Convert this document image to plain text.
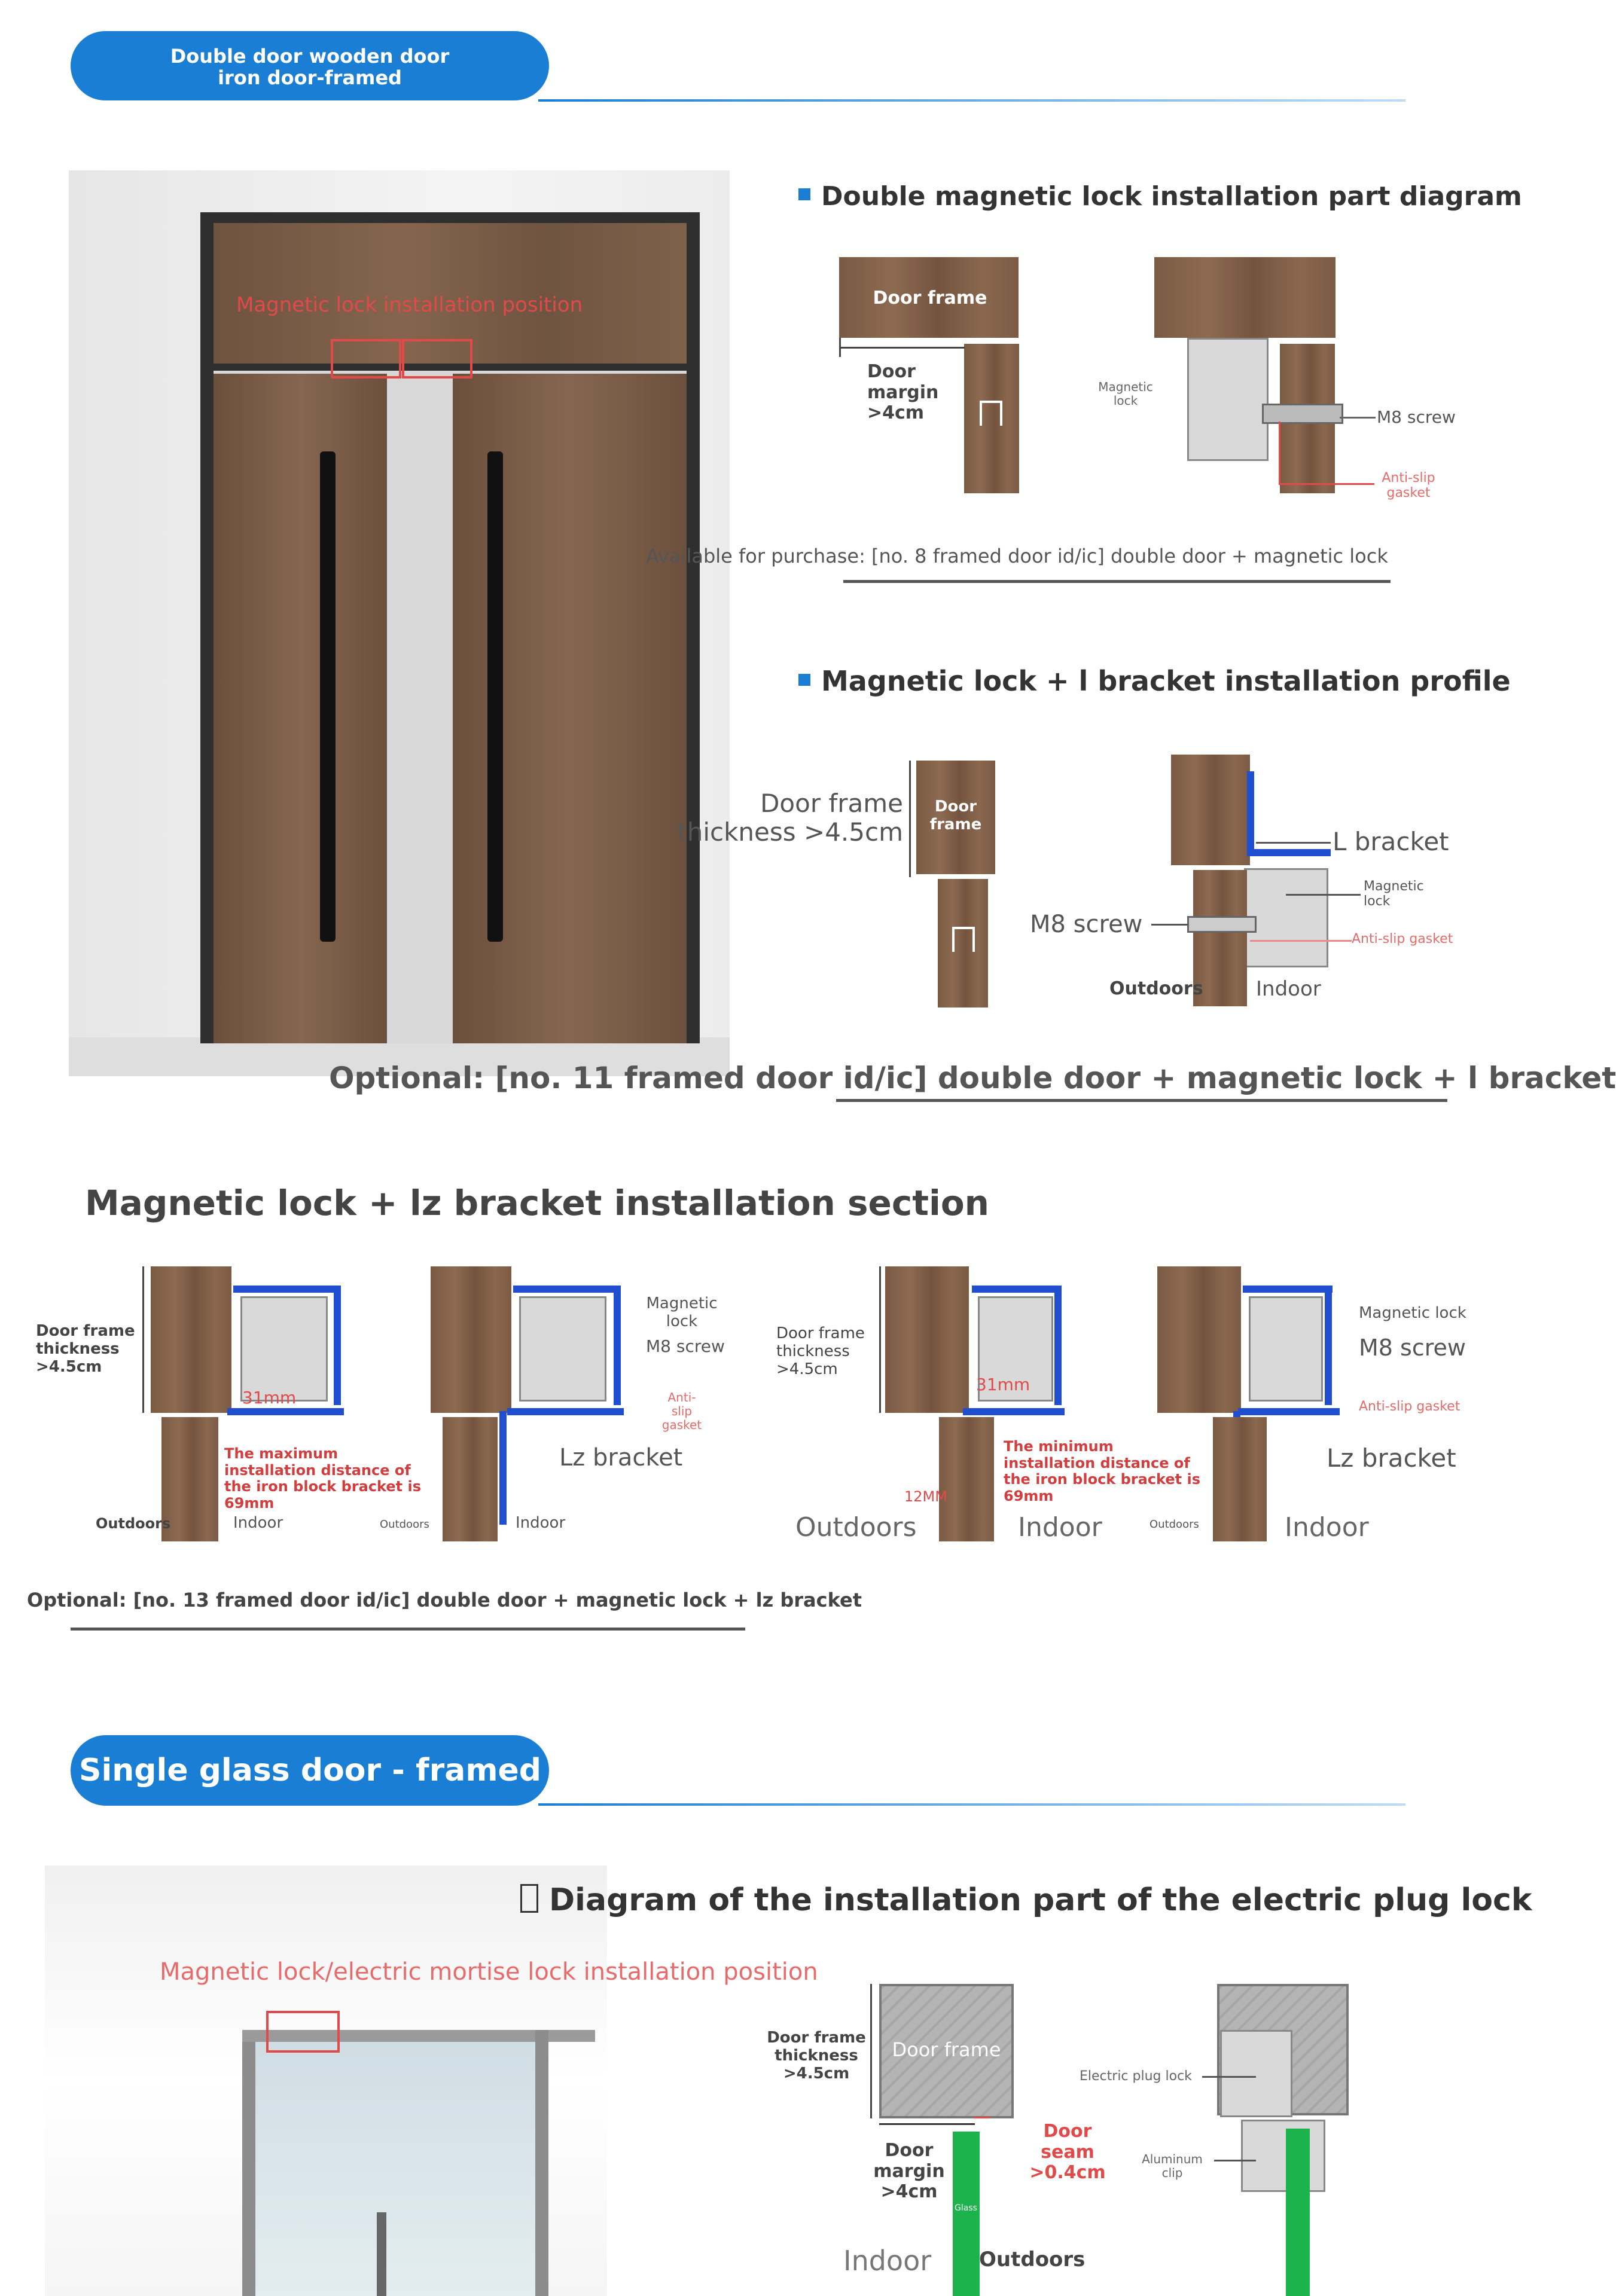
Double door wooden door iron door-framed
Magnetic lock installation position
Double magnetic lock installation part diagram
Door frame
Door margin >4cm	M8 screw
Magnetic lock
Anti-slip gasket
Available for purchase: [no. 8 framed door id/ic] double door + magnetic lock
Magnetic lock + l bracket installation profile
Door frame thickness >4.5cm
Door frame
L bracket
M8 screw
Magnetic lock
Anti-slip gasket
Outdoors	Indoor
Optional: [no. 11 framed door id/ic] double door + magnetic lock + l bracket
Magnetic lock + lz bracket installation section
Door frame thickness >4.5cm
31mm
The maximum installation distance of the iron block bracket is 69mm
Outdoors	Indoor
Magnetic lock
M8 screw
Anti-slip gasket
Lz bracket
Outdoors	Indoor
Door frame thickness >4.5cm
31mm
The minimum installation distance of the iron block bracket is 69mm
12MM
Outdoors	Indoor
Magnetic lock
M8 screw
Anti-slip gasket
Lz bracket
Outdoors	Indoor
Optional: [no. 13 framed door id/ic] double door + magnetic lock + lz bracket
Single glass door - framed on
Magnetic lock/electric mortise lock installation position
Diagram of the installation part of the electric plug lock
Door frame thickness >4.5cm
Door frame
Glass
Door seam >0.4cm
Door margin >4cm
Indoor Outdoors
Electric plug lock
Aluminum clip
